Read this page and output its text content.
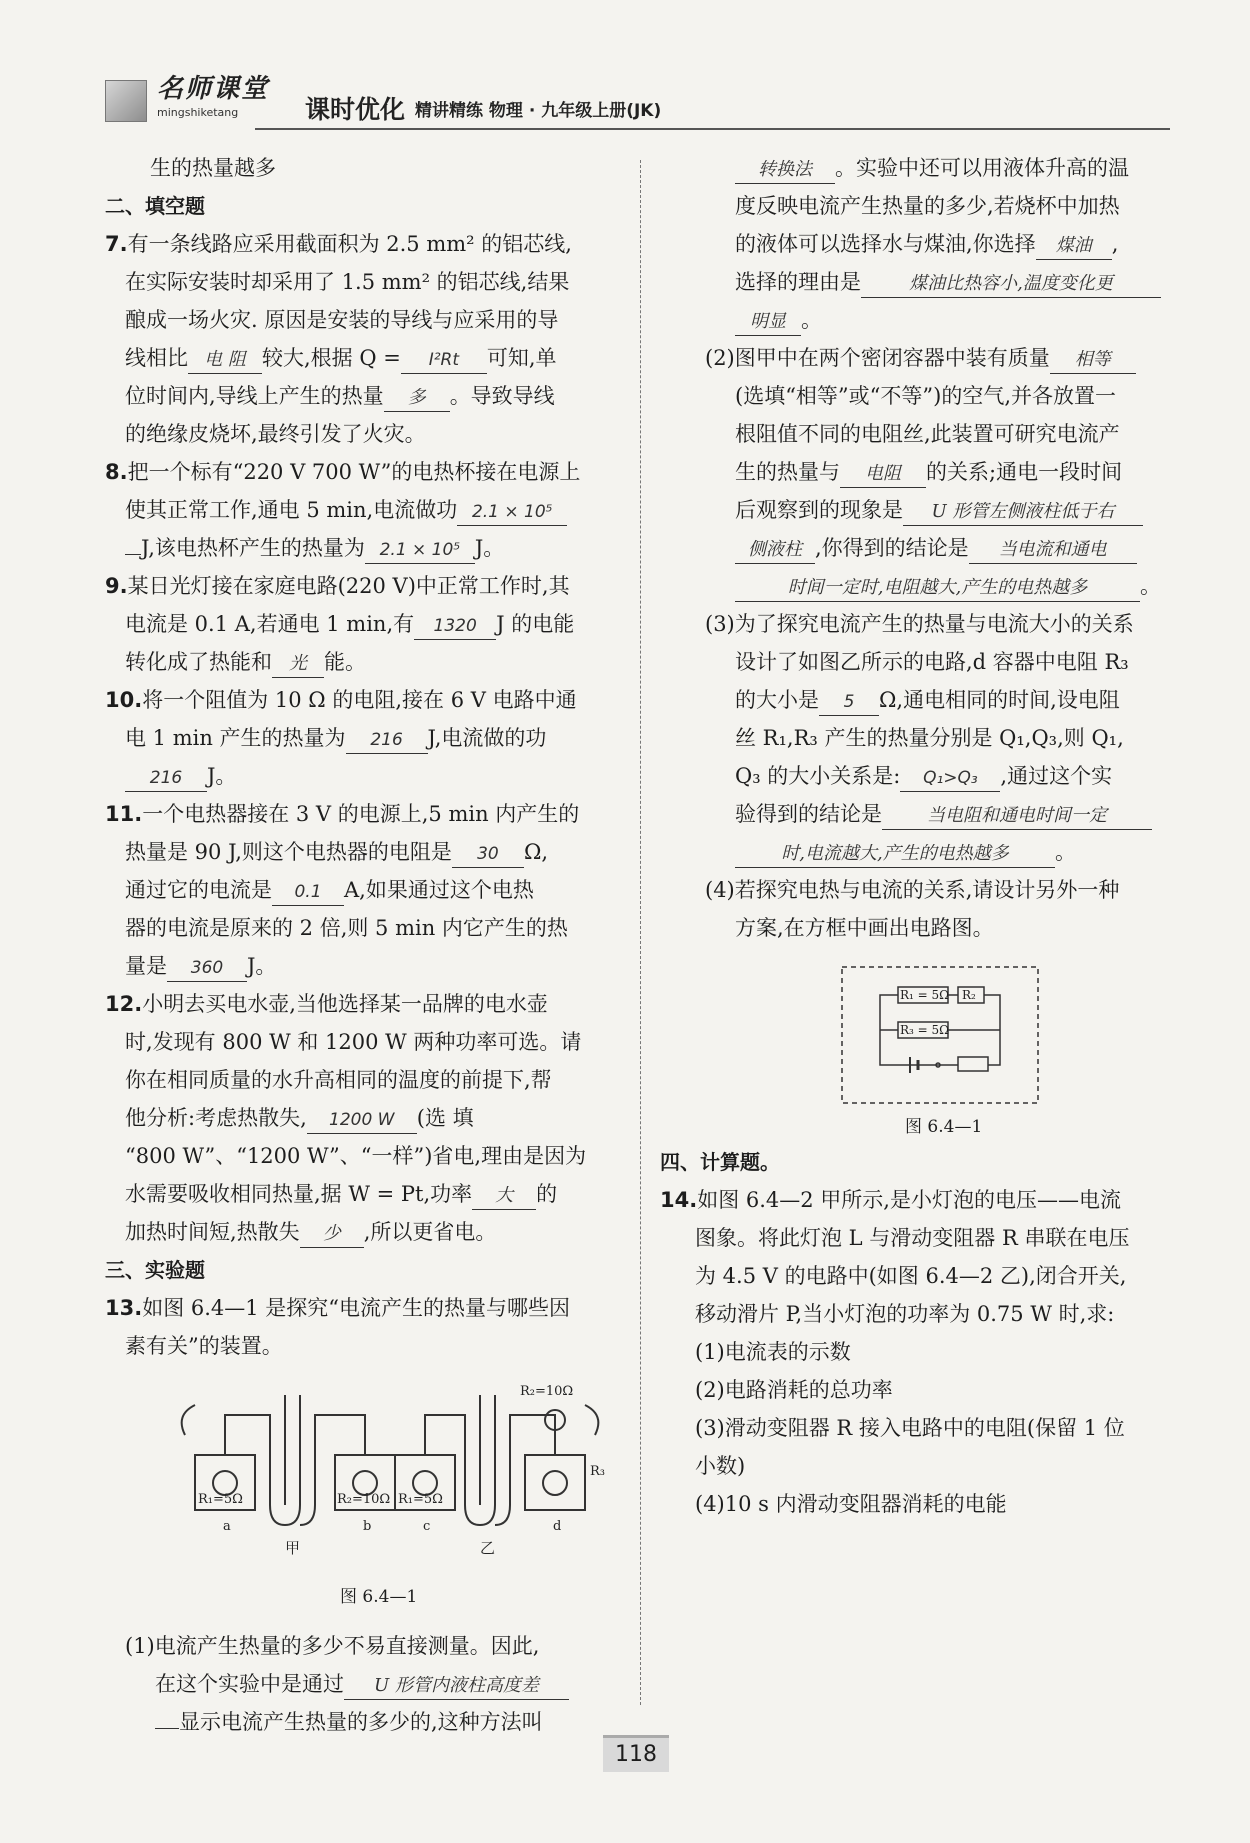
名师课堂
mingshiketang	课时优化 精讲精练 物理 · 九年级上册(JK)
生的热量越多
二、填空题
7.有一条线路应采用截面积为 2.5 mm² 的铝芯线,
在实际安装时却采用了 1.5 mm² 的铝芯线,结果
酿成一场火灾. 原因是安装的导线与应采用的导
线相比 电 阻 较大,根据 Q = I²Rt 可知,单
位时间内,导线上产生的热量 多 。导致导线
的绝缘皮烧坏,最终引发了火灾。
8.把一个标有“220 V 700 W”的电热杯接在电源上
使其正常工作,通电 5 min,电流做功 2.1 × 10⁵
J,该电热杯产生的热量为 2.1 × 10⁵ J。
9.某日光灯接在家庭电路(220 V)中正常工作时,其
电流是 0.1 A,若通电 1 min,有 1320 J 的电能
转化成了热能和 光 能。
10.将一个阻值为 10 Ω 的电阻,接在 6 V 电路中通
电 1 min 产生的热量为 216 J,电流做的功
216 J。
11.一个电热器接在 3 V 的电源上,5 min 内产生的
热量是 90 J,则这个电热器的电阻是 30 Ω,
通过它的电流是 0.1 A,如果通过这个电热
器的电流是原来的 2 倍,则 5 min 内它产生的热
量是 360 J。
12.小明去买电水壶,当他选择某一品牌的电水壶
时,发现有 800 W 和 1200 W 两种功率可选。请
你在相同质量的水升高相同的温度的前提下,帮
他分析:考虑热散失, 1200 W (选 填
“800 W”、“1200 W”、“一样”)省电,理由是因为
水需要吸收相同热量,据 W = Pt,功率 大 的
加热时间短,热散失 少 ,所以更省电。
三、实验题
13.如图 6.4—1 是探究“电流产生的热量与哪些因
素有关”的装置。
R₁=5Ω	R₂=10Ω R₁=5Ω
R₂=10Ω
R₃
a	b	c	d
甲	乙
图 6.4—1
(1)电流产生热量的多少不易直接测量。因此,
在这个实验中是通过 U 形管内液柱高度差
显示电流产生热量的多少的,这种方法叫
转换法 。实验中还可以用液体升高的温
度反映电流产生热量的多少,若烧杯中加热
的液体可以选择水与煤油,你选择 煤油 ,
选择的理由是	煤油比热容小,温度变化更
明显 。
(2)图甲中在两个密闭容器中装有质量 相等
(选填“相等”或“不等”)的空气,并各放置一
根阻值不同的电阻丝,此装置可研究电流产
生的热量与 电阻 的关系;通电一段时间
后观察到的现象是 U 形管左侧液柱低于右
侧液柱 ,你得到的结论是 当电流和通电
时间一定时,电阻越大,产生的电热越多	。
(3)为了探究电流产生的热量与电流大小的关系
设计了如图乙所示的电路,d 容器中电阻 R₃
的大小是 5 Ω,通电相同的时间,设电阻
丝 R₁,R₃ 产生的热量分别是 Q₁,Q₃,则 Q₁,
Q₃ 的大小关系是: Q₁>Q₃ ,通过这个实
验得到的结论是	当电阻和通电时间一定
时,电流越大,产生的电热越多 。
(4)若探究电热与电流的关系,请设计另外一种
方案,在方框中画出电路图。
R₁ = 5Ω R₂
R₃ = 5Ω
图 6.4—1
四、计算题。
14.如图 6.4—2 甲所示,是小灯泡的电压——电流
图象。将此灯泡 L 与滑动变阻器 R 串联在电压
为 4.5 V 的电路中(如图 6.4—2 乙),闭合开关,
移动滑片 P,当小灯泡的功率为 0.75 W 时,求:
(1)电流表的示数
(2)电路消耗的总功率
(3)滑动变阻器 R 接入电路中的电阻(保留 1 位
小数)
(4)10 s 内滑动变阻器消耗的电能
118
